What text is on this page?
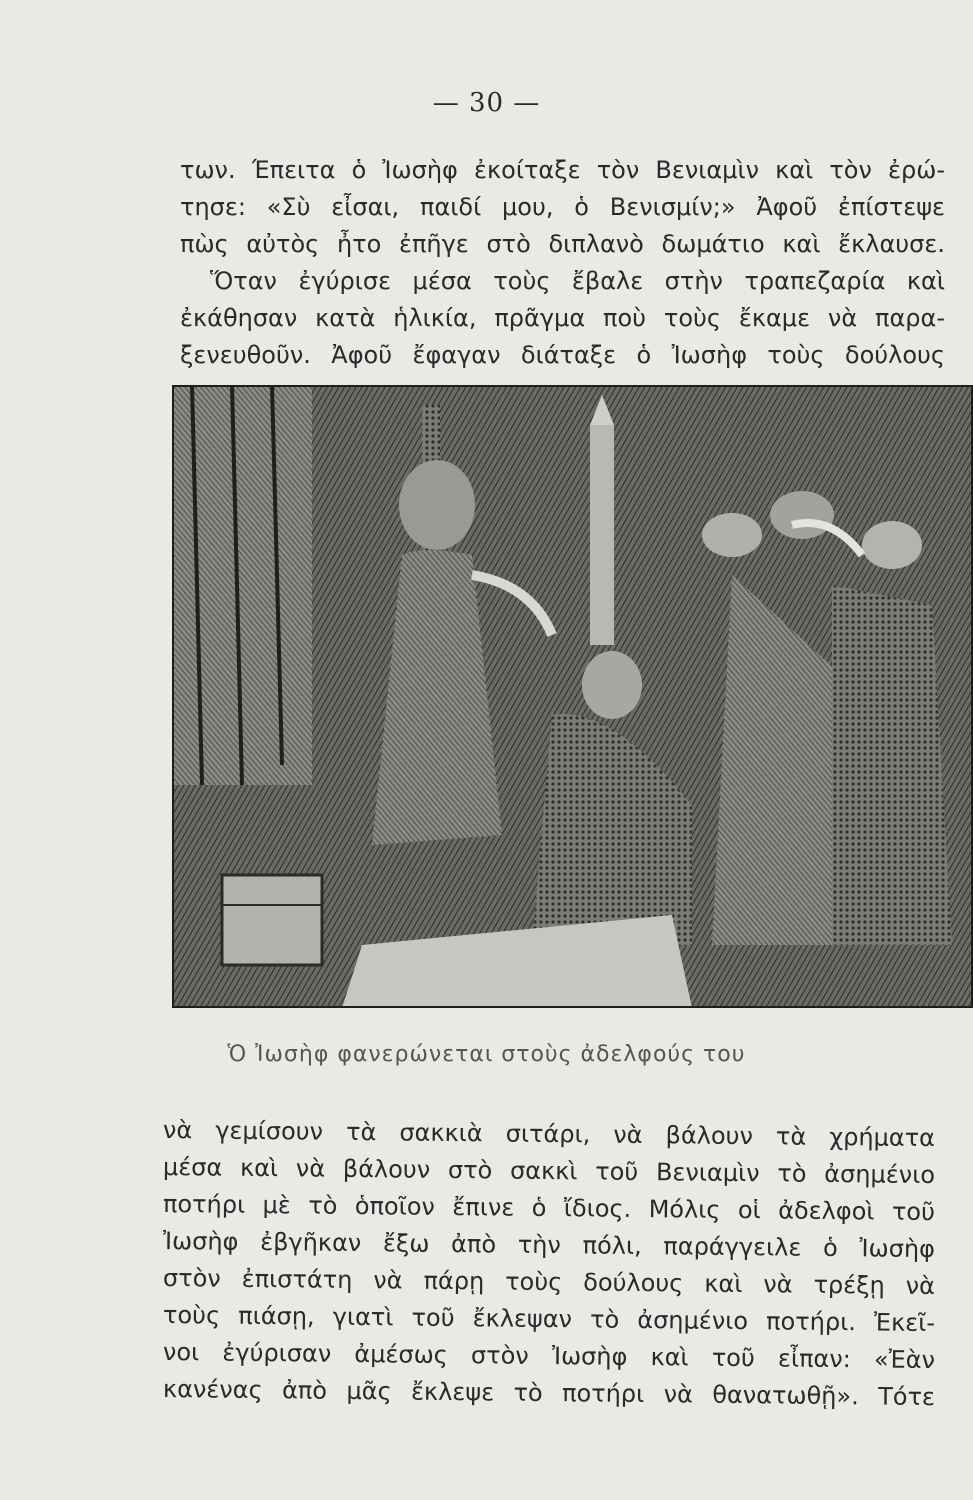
— 30 —
των. Έπειτα ὁ Ἰωσὴφ ἐκοίταξε τὸν Βενιαμὶν καὶ τὸν ἐρώ-
τησε: «Σὺ εἶσαι, παιδί μου, ὁ Βενισμίν;» Ἀφοῦ ἐπίστεψε
πὼς αὐτὸς ἦτο ἐπῆγε στὸ διπλανὸ δωμάτιο καὶ ἔκλαυσε.
Ὅταν ἐγύρισε μέσα τοὺς ἔβαλε στὴν τραπεζαρία καὶ
ἐκάθησαν κατὰ ἡλικία, πρᾶγμα ποὺ τοὺς ἔκαμε νὰ παρα-
ξενευθοῦν. Ἀφοῦ ἔφαγαν διάταξε ὁ Ἰωσὴφ τοὺς δούλους
Ὁ Ἰωσὴφ φανερώνεται στοὺς ἀδελφούς του
νὰ γεμίσουν τὰ σακκιὰ σιτάρι, νὰ βάλουν τὰ χρήματα
μέσα καὶ νὰ βάλουν στὸ σακκὶ τοῦ Βενιαμὶν τὸ ἀσημένιο
ποτήρι μὲ τὸ ὁποῖον ἔπινε ὁ ἴδιος. Μόλις οἱ ἀδελφοὶ τοῦ
Ἰωσὴφ ἐβγῆκαν ἔξω ἀπὸ τὴν πόλι, παράγγειλε ὁ Ἰωσὴφ
στὸν ἐπιστάτη νὰ πάρῃ τοὺς δούλους καὶ νὰ τρέξῃ νὰ
τοὺς πιάσῃ, γιατὶ τοῦ ἔκλεψαν τὸ ἀσημένιο ποτήρι. Ἐκεῖ-
νοι ἐγύρισαν ἀμέσως στὸν Ἰωσὴφ καὶ τοῦ εἶπαν: «Ἐὰν
κανένας ἀπὸ μᾶς ἔκλεψε τὸ ποτήρι νὰ θανατωθῇ». Τότε
